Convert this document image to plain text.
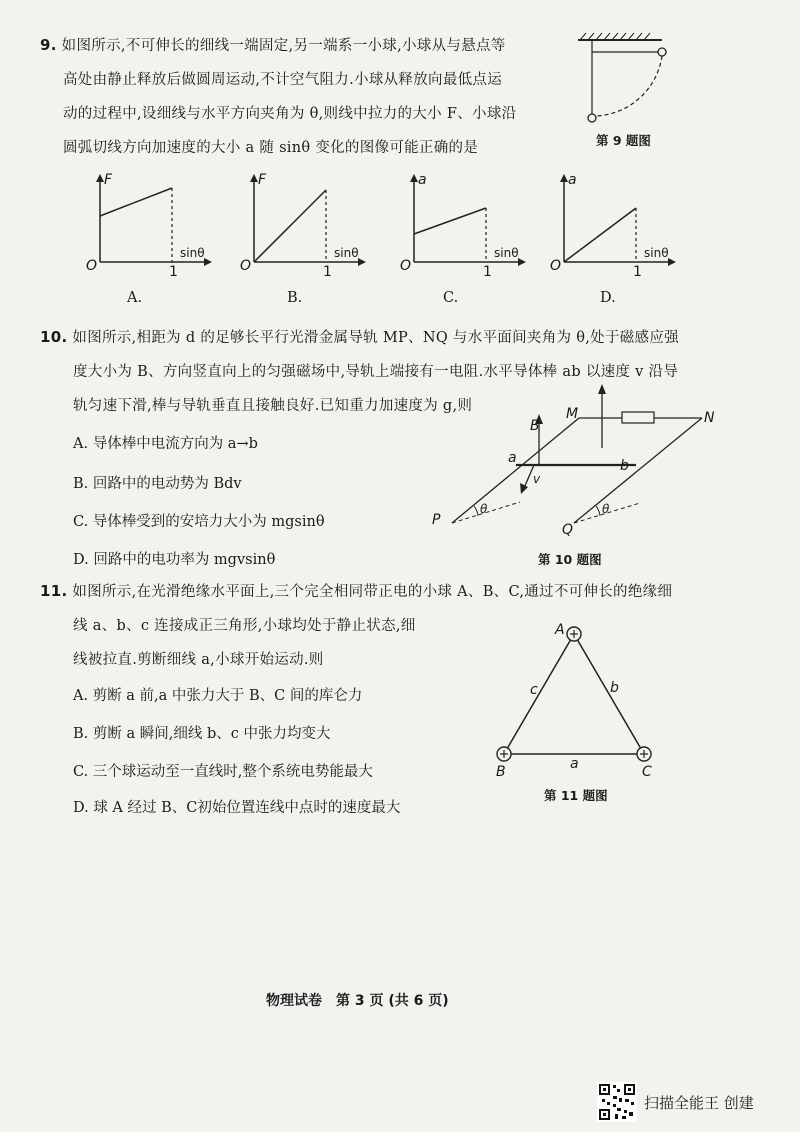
9. 如图所示,不可伸长的细线一端固定,另一端系一小球,小球从与悬点等
高处由静止释放后做圆周运动,不计空气阻力.小球从释放向最低点运
动的过程中,设细线与水平方向夹角为 θ,则线中拉力的大小 F、小球沿
圆弧切线方向加速度的大小 a 随 sinθ 变化的图像可能正确的是	第 9 题图
F
O	1
sinθ
A.
F
O	1
sinθ
B.
a
O	1
sinθ
C.
a
O	1
sinθ
D.
10. 如图所示,相距为 d 的足够长平行光滑金属导轨 MP、NQ 与水平面间夹角为 θ,处于磁感应强
度大小为 B、方向竖直向上的匀强磁场中,导轨上端接有一电阻.水平导体棒 ab 以速度 v 沿导
轨匀速下滑,棒与导轨垂直且接触良好.已知重力加速度为 g,则
A. 导体棒中电流方向为 a→b
B. 回路中的电动势为 Bdv
C. 导体棒受到的安培力大小为 mgsinθ
D. 回路中的电功率为 mgvsinθ
M	N
B
a	b
v
P
Q
θ	θ
第 10 题图
11. 如图所示,在光滑绝缘水平面上,三个完全相同带正电的小球 A、B、C,通过不可伸长的绝缘细
线 a、b、c 连接成正三角形,小球均处于静止状态,细
线被拉直.剪断细线 a,小球开始运动.则
A. 剪断 a 前,a 中张力大于 B、C 间的库仑力
B. 剪断 a 瞬间,细线 b、c 中张力均变大
C. 三个球运动至一直线时,整个系统电势能最大
D. 球 A 经过 B、C初始位置连线中点时的速度最大
A
B	C
a
b
c
第 11 题图
物理试卷　第 3 页 (共 6 页)
扫描全能王 创建
